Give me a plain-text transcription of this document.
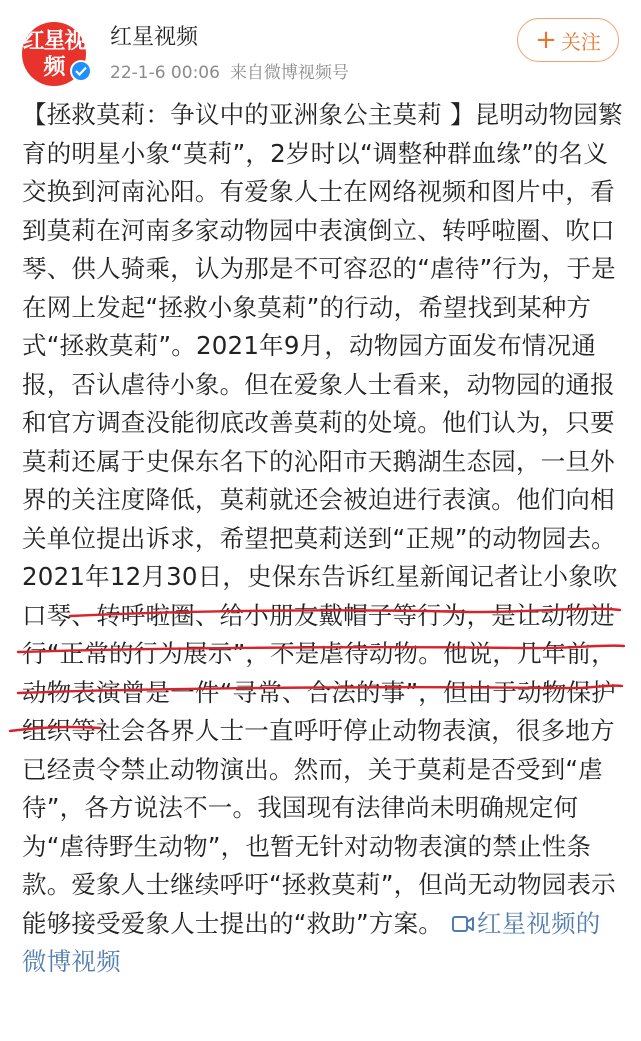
红星视频
红星视频
22-1-6 00:06 来自微博视频号
+ 关注
【拯救莫莉：争议中的亚洲象公主莫莉 】昆明动物园繁育的明星小象“莫莉”，2岁时以“调整种群血缘”的名义交换到河南沁阳。有爱象人士在网络视频和图片中，看到莫莉在河南多家动物园中表演倒立、转呼啦圈、吹口琴、供人骑乘，认为那是不可容忍的“虐待”行为，于是在网上发起“拯救小象莫莉”的行动，希望找到某种方式“拯救莫莉”。2021年9月，动物园方面发布情况通报，否认虐待小象。但在爱象人士看来，动物园的通报和官方调查没能彻底改善莫莉的处境。他们认为，只要莫莉还属于史保东名下的沁阳市天鹅湖生态园，一旦外界的关注度降低，莫莉就还会被迫进行表演。他们向相关单位提出诉求，希望把莫莉送到“正规”的动物园去。2021年12月30日，史保东告诉红星新闻记者让小象吹口琴、转呼啦圈、给小朋友戴帽子等行为，是让动物进行“正常的行为展示”，不是虐待动物。他说，几年前，动物表演曾是一件“寻常、合法的事”，但由于动物保护组织等社会各界人士一直呼吁停止动物表演，很多地方已经责令禁止动物演出。然而，关于莫莉是否受到“虐待”，各方说法不一。我国现有法律尚未明确规定何为“虐待野生动物”，也暂无针对动物表演的禁止性条款。爱象人士继续呼吁“拯救莫莉”，但尚无动物园表示能够接受爱象人士提出的“救助”方案。 红星视频的微博视频
